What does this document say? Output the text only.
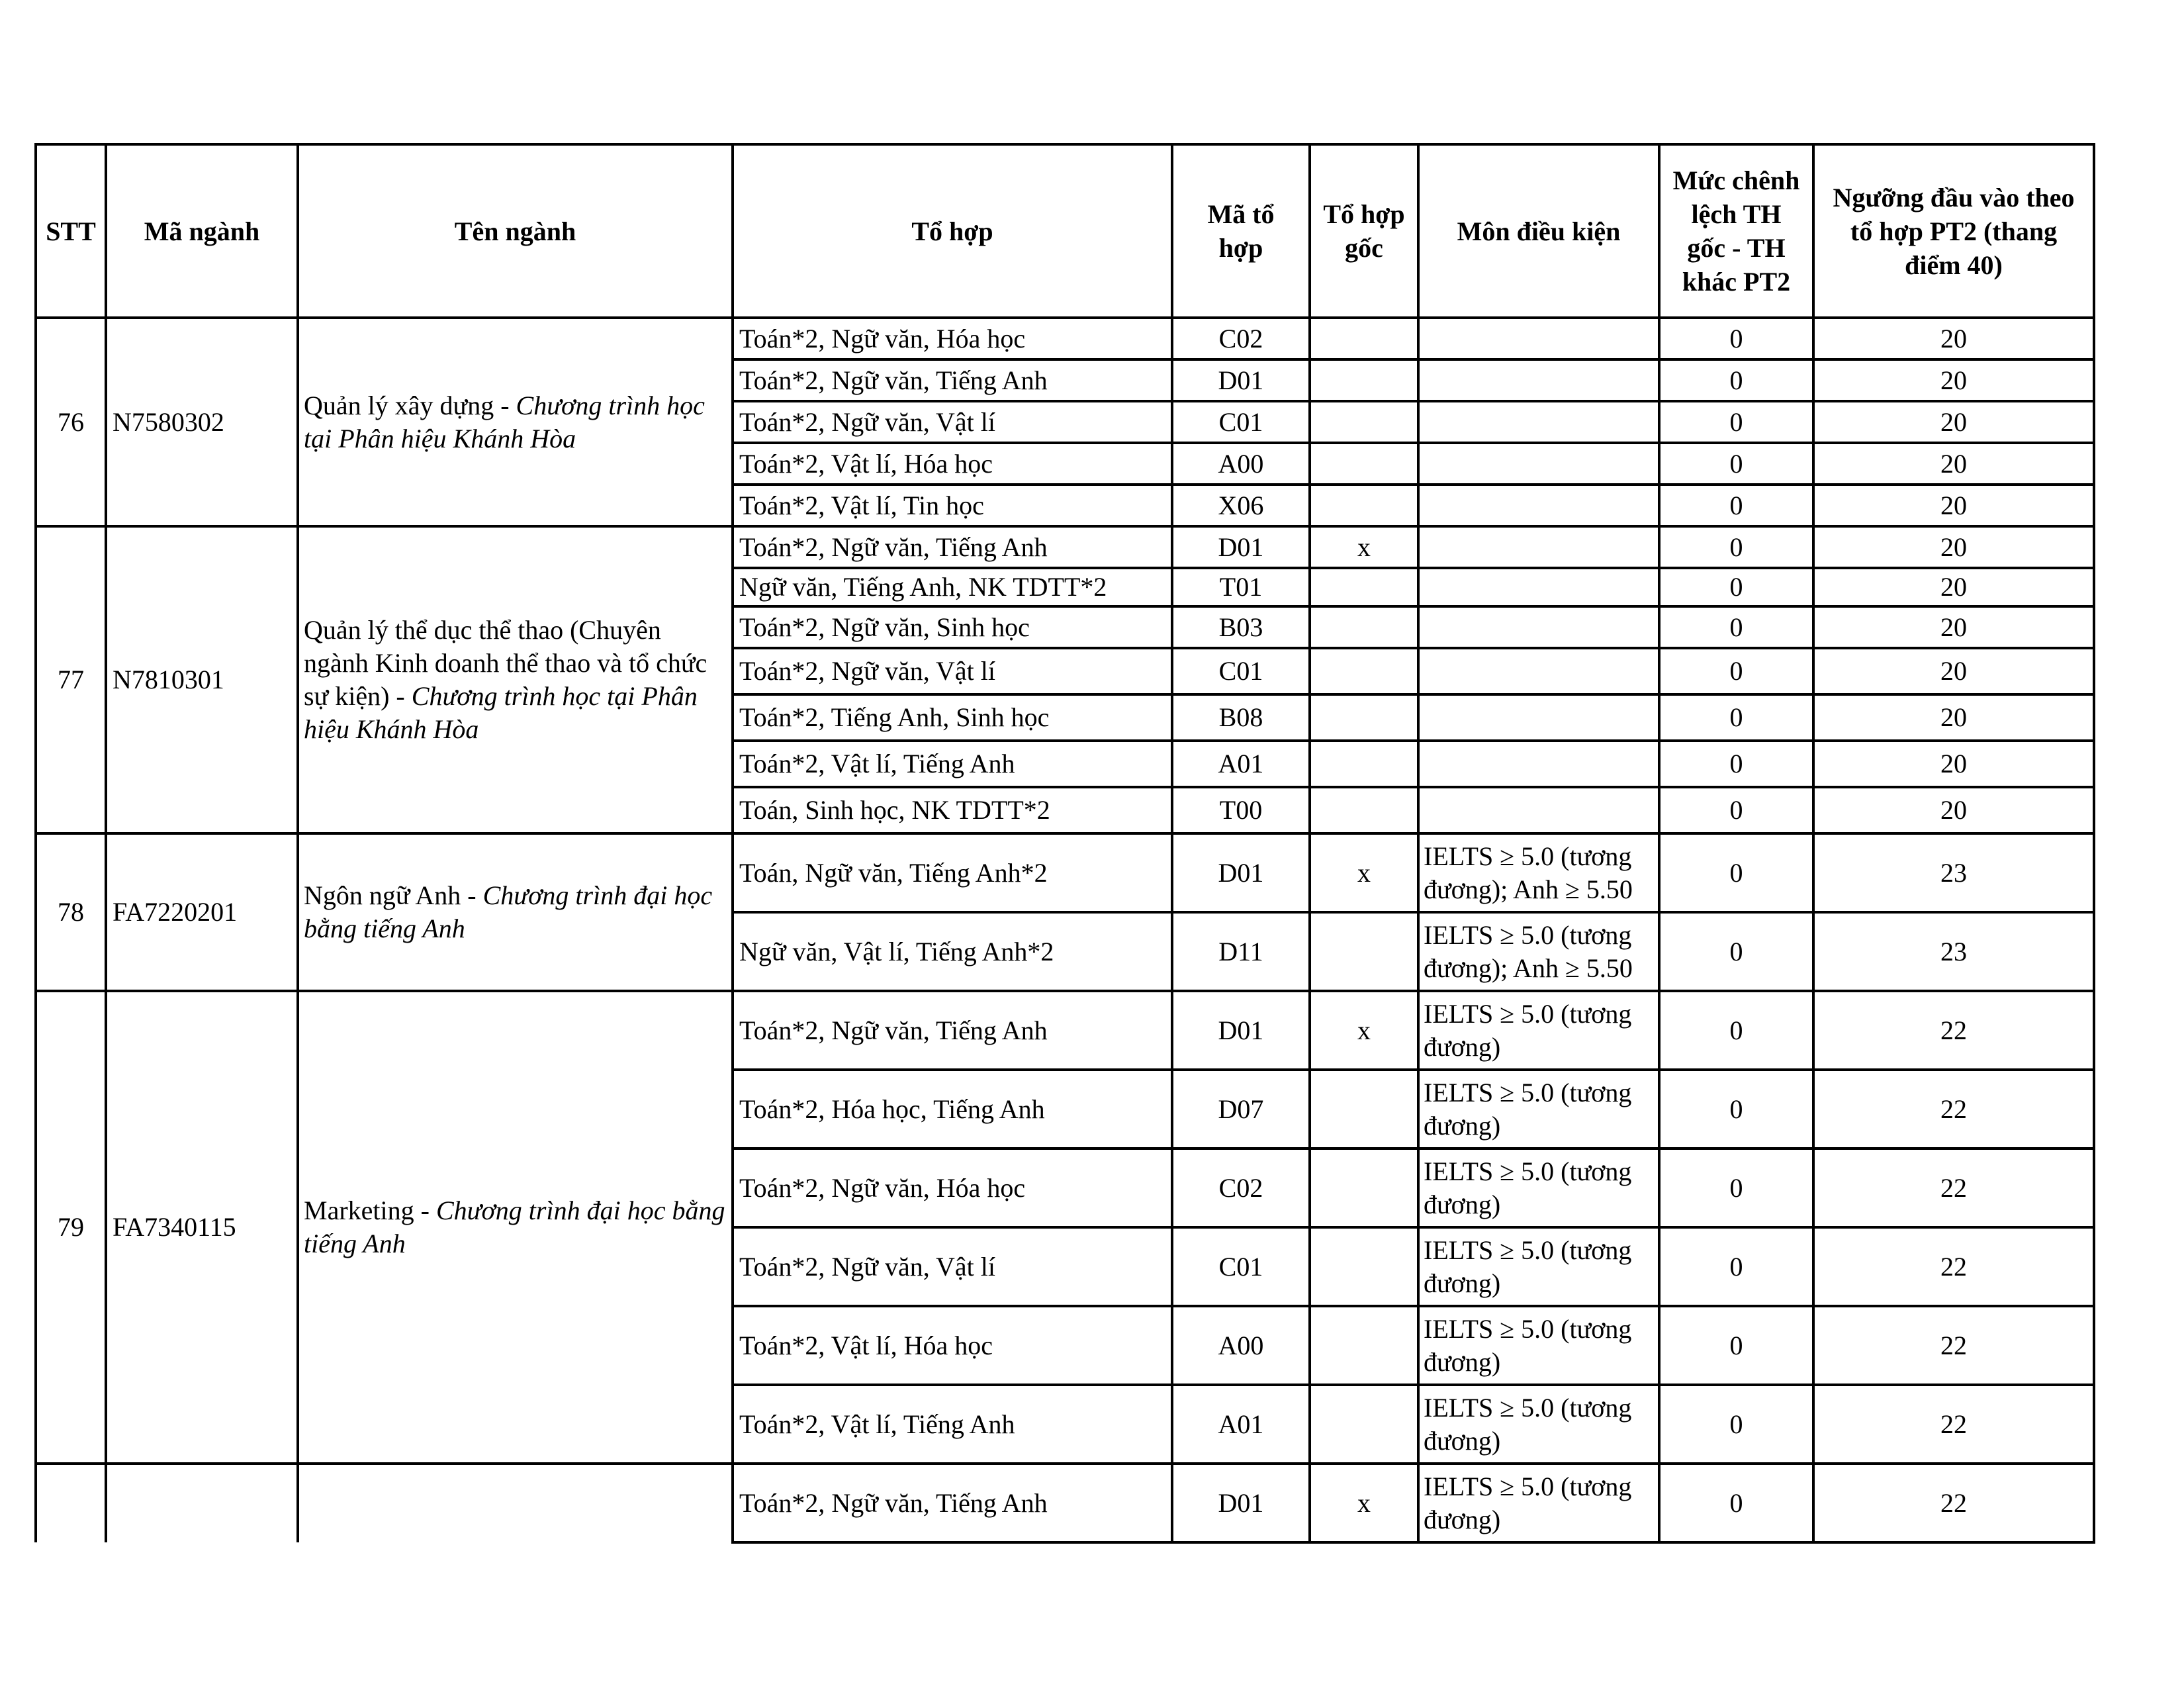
STT	Mã ngành	Tên ngành	Tổ hợp	Mã tổ hợp	Tổ hợp gốc	Môn điều kiện	Mức chênh lệch TH gốc - TH khác PT2	Ngưỡng đầu vào theo tổ hợp PT2 (thang điểm 40)
76	N7580302	Quản lý xây dựng - Chương trình học tại Phân hiệu Khánh Hòa	Toán*2, Ngữ văn, Hóa học	C02			0	20
			Toán*2, Ngữ văn, Tiếng Anh	D01			0	20
			Toán*2, Ngữ văn, Vật lí	C01			0	20
			Toán*2, Vật lí, Hóa học	A00			0	20
			Toán*2, Vật lí, Tin học	X06			0	20
77	N7810301	Quản lý thể dục thể thao (Chuyên ngành Kinh doanh thể thao và tổ chức sự kiện) - Chương trình học tại Phân hiệu Khánh Hòa	Toán*2, Ngữ văn, Tiếng Anh	D01	x		0	20
			Ngữ văn, Tiếng Anh, NK TDTT*2	T01			0	20
			Toán*2, Ngữ văn, Sinh học	B03			0	20
			Toán*2, Ngữ văn, Vật lí	C01			0	20
			Toán*2, Tiếng Anh, Sinh học	B08			0	20
			Toán*2, Vật lí, Tiếng Anh	A01			0	20
			Toán, Sinh học, NK TDTT*2	T00			0	20
78	FA7220201	Ngôn ngữ Anh - Chương trình đại học bằng tiếng Anh	Toán, Ngữ văn, Tiếng Anh*2	D01	x	IELTS ≥ 5.0 (tương đương); Anh ≥ 5.50	0	23
			Ngữ văn, Vật lí, Tiếng Anh*2	D11		IELTS ≥ 5.0 (tương đương); Anh ≥ 5.50	0	23
79	FA7340115	Marketing - Chương trình đại học bằng tiếng Anh	Toán*2, Ngữ văn, Tiếng Anh	D01	x	IELTS ≥ 5.0 (tương đương)	0	22
			Toán*2, Hóa học, Tiếng Anh	D07		IELTS ≥ 5.0 (tương đương)	0	22
			Toán*2, Ngữ văn, Hóa học	C02		IELTS ≥ 5.0 (tương đương)	0	22
			Toán*2, Ngữ văn, Vật lí	C01		IELTS ≥ 5.0 (tương đương)	0	22
			Toán*2, Vật lí, Hóa học	A00		IELTS ≥ 5.0 (tương đương)	0	22
			Toán*2, Vật lí, Tiếng Anh	A01		IELTS ≥ 5.0 (tương đương)	0	22
			Toán*2, Ngữ văn, Tiếng Anh	D01	x	IELTS ≥ 5.0 (tương đương)	0	22
